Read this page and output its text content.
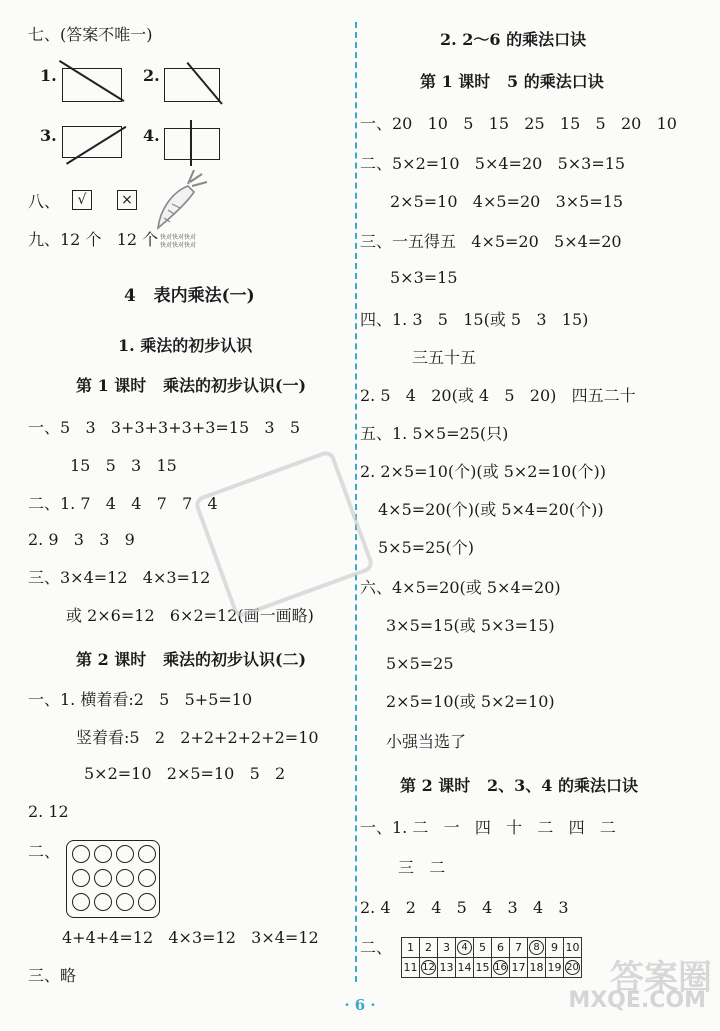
七、(答案不唯一)
1.	2.
3.	4.
八、	√	×
快对快对快对
快对快对快对
九、12 个   12 个
4   表内乘法(一)
1. 乘法的初步认识
第 1 课时   乘法的初步认识(一)
一、5   3   3+3+3+3+3=15   3   5
15   5   3   15
二、1. 7   4   4   7   7   4
2. 9   3   3   9
三、3×4=12   4×3=12
或 2×6=12   6×2=12(画一画略)
第 2 课时   乘法的初步认识(二)
一、1. 横着看:2   5   5+5=10
竖着看:5   2   2+2+2+2+2=10
5×2=10   2×5=10   5   2
2. 12
二、
4+4+4=12   4×3=12   3×4=12
三、略
2. 2～6 的乘法口诀
第 1 课时   5 的乘法口诀
一、20   10   5   15   25   15   5   20   10
二、5×2=10   5×4=20   5×3=15
2×5=10   4×5=20   3×5=15
三、一五得五   4×5=20   5×4=20
5×3=15
四、1. 3   5   15(或 5   3   15)
三五十五
2. 5   4   20(或 4   5   20)   四五二十
五、1. 5×5=25(只)
2. 2×5=10(个)(或 5×2=10(个))
4×5=20(个)(或 5×4=20(个))
5×5=25(个)
六、4×5=20(或 5×4=20)
3×5=15(或 5×3=15)
5×5=25
2×5=10(或 5×2=10)
小强当选了
第 2 课时   2、3、4 的乘法口诀
一、1. 二   一   四   十   二   四   二
三   二
2. 4   2   4   5   4   3   4   3
二、 1	2	3	4	5	6	7	8	9	10
11	12	13	14	15	16	17	18	19	20 答案圈
MXQE.COM
· 6 ·
